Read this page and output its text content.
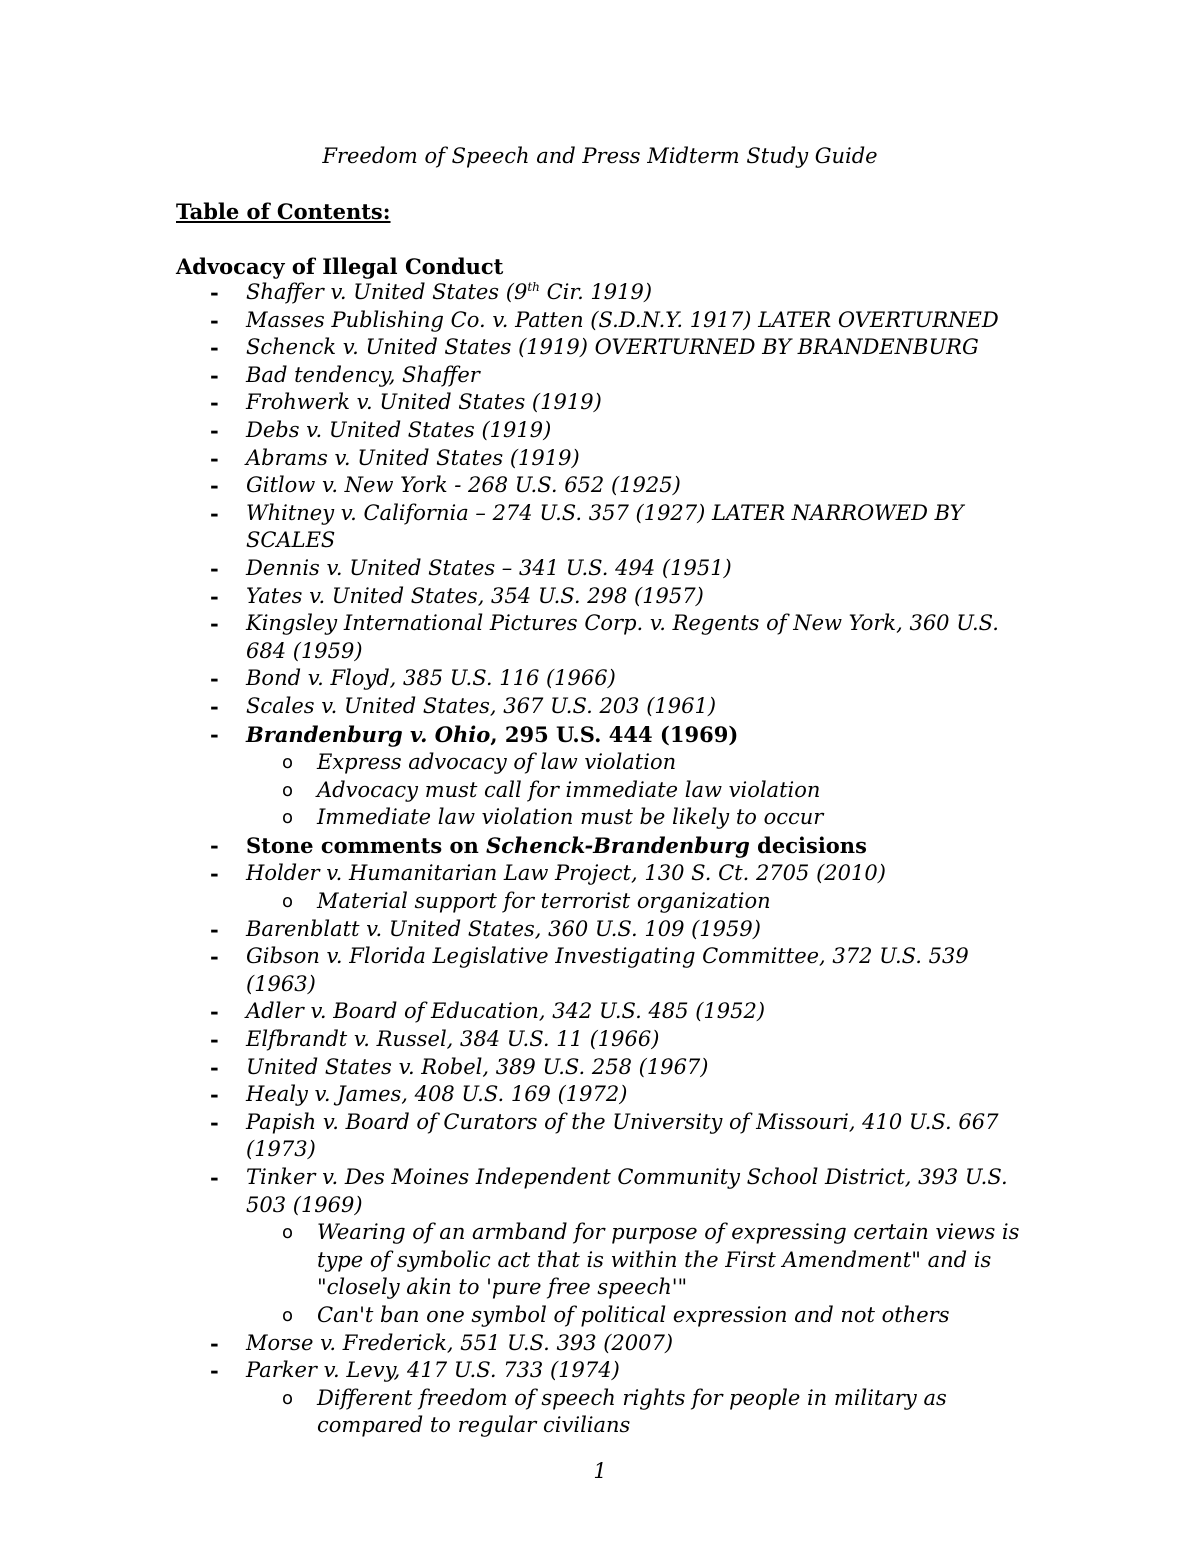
Freedom of Speech and Press Midterm Study Guide
Table of Contents:
Advocacy of Illegal Conduct
- Shaffer v. United States (9th Cir. 1919)
- Masses Publishing Co. v. Patten (S.D.N.Y. 1917) LATER OVERTURNED
- Schenck v. United States (1919) OVERTURNED BY BRANDENBURG
- Bad tendency, Shaffer
- Frohwerk v. United States (1919)
- Debs v. United States (1919)
- Abrams v. United States (1919)
- Gitlow v. New York - 268 U.S. 652 (1925)
- Whitney v. California – 274 U.S. 357 (1927) LATER NARROWED BY SCALES
- Dennis v. United States – 341 U.S. 494 (1951)
- Yates v. United States, 354 U.S. 298 (1957)
- Kingsley International Pictures Corp. v. Regents of New York, 360 U.S. 684 (1959)
- Bond v. Floyd, 385 U.S. 116 (1966)
- Scales v. United States, 367 U.S. 203 (1961)
- Brandenburg v. Ohio, 295 U.S. 444 (1969)
o Express advocacy of law violation
o Advocacy must call for immediate law violation
o Immediate law violation must be likely to occur
- Stone comments on Schenck-Brandenburg decisions
- Holder v. Humanitarian Law Project, 130 S. Ct. 2705 (2010)
o Material support for terrorist organization
- Barenblatt v. United States, 360 U.S. 109 (1959)
- Gibson v. Florida Legislative Investigating Committee, 372 U.S. 539 (1963)
- Adler v. Board of Education, 342 U.S. 485 (1952)
- Elfbrandt v. Russel, 384 U.S. 11 (1966)
- United States v. Robel, 389 U.S. 258 (1967)
- Healy v. James, 408 U.S. 169 (1972)
- Papish v. Board of Curators of the University of Missouri, 410 U.S. 667 (1973)
- Tinker v. Des Moines Independent Community School District, 393 U.S. 503 (1969)
o Wearing of an armband for purpose of expressing certain views is type of symbolic act that is within the First Amendment" and is "closely akin to 'pure free speech'"
o Can't ban one symbol of political expression and not others
- Morse v. Frederick, 551 U.S. 393 (2007)
- Parker v. Levy, 417 U.S. 733 (1974)
o Different freedom of speech rights for people in military as compared to regular civilians
1
